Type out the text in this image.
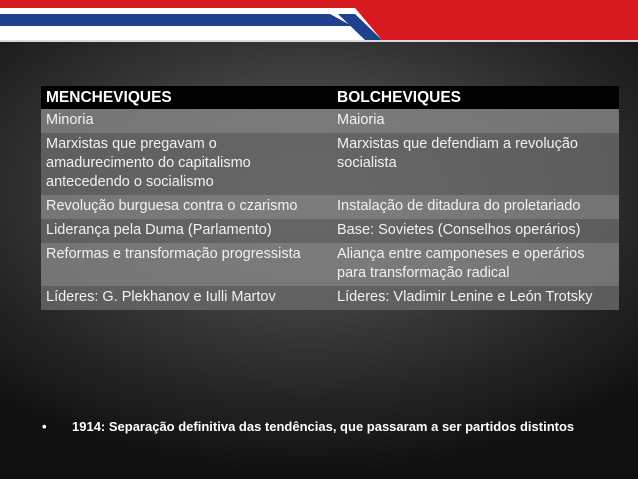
MENCHEVIQUES	BOLCHEVIQUES
Minoria	Maioria
Marxistas que pregavam o amadurecimento do capitalismo antecedendo o socialismo	Marxistas que defendiam a revolução socialista
Revolução burguesa contra o czarismo	Instalação de ditadura do proletariado
Liderança pela Duma (Parlamento)	Base: Sovietes (Conselhos operários)
Reformas e transformação progressista	Aliança entre camponeses e operários para transformação radical
Líderes: G. Plekhanov e Iulli Martov	Líderes: Vladimir Lenine e León Trotsky
•	1914: Separação definitiva das tendências, que passaram a ser partidos distintos
